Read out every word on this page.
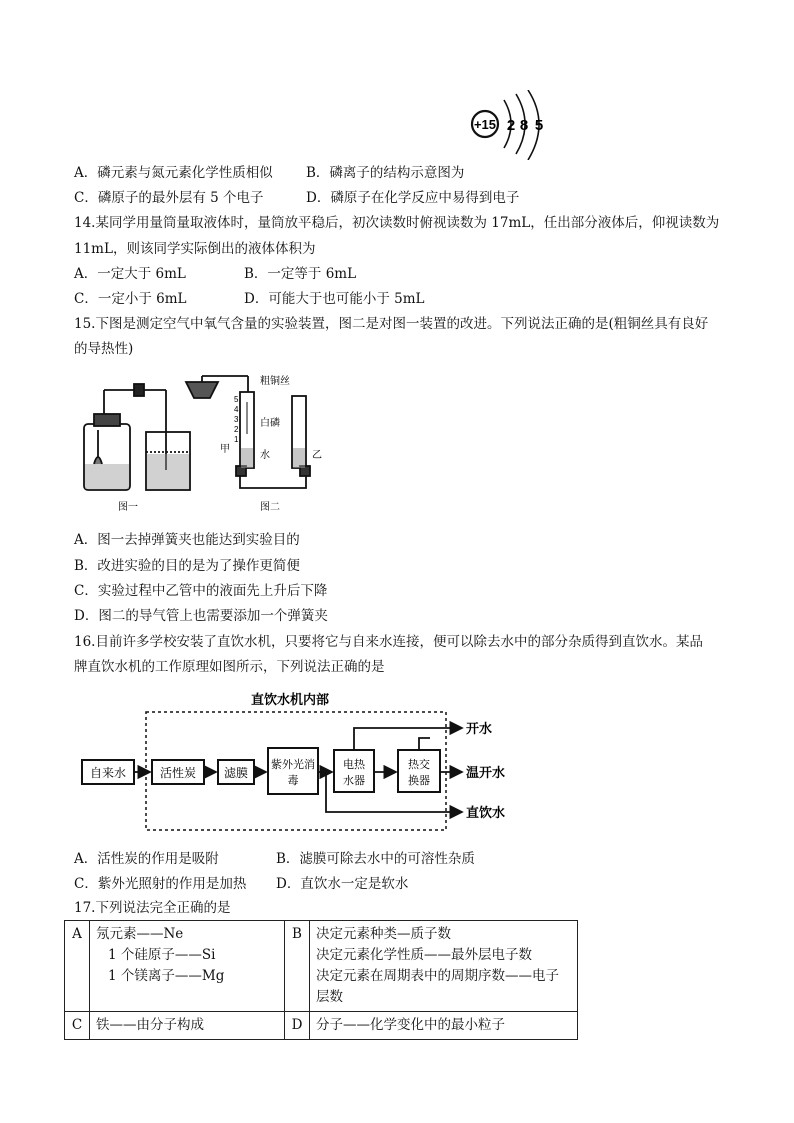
+15 2 8 5
A．磷元素与氮元素化学性质相似 B．磷离子的结构示意图为
C．磷原子的最外层有 5 个电子	D．磷原子在化学反应中易得到电子
14.某同学用量筒量取液体时，量筒放平稳后，初次读数时俯视读数为 17mL，任出部分液体后，仰视读数为
11mL，则该同学实际倒出的液体体积为
A．一定大于 6mL	B．一定等于 6mL
C．一定小于 6mL	D．可能大于也可能小于 5mL
15.下图是测定空气中氧气含量的实验装置，图二是对图一装置的改进。下列说法正确的是(粗铜丝具有良好
的导热性)
5
4
3
2
1
粗铜丝
白磷
水
甲
乙
图一	图二
A．图一去掉弹簧夹也能达到实验目的
B．改进实验的目的是为了操作更简便
C．实验过程中乙管中的液面先上升后下降
D．图二的导气管上也需要添加一个弹簧夹
16.目前许多学校安装了直饮水机，只要将它与自来水连接，便可以除去水中的部分杂质得到直饮水。某品
牌直饮水机的工作原理如图所示，下列说法正确的是
直饮水机内部
自来水	活性炭 滤膜
紫外光消
毒
电热
水器
热交
换器
开水
温开水
直饮水
A．活性炭的作用是吸附	B．滤膜可除去水中的可溶性杂质
C．紫外光照射的作用是加热 D．直饮水一定是软水
17.下列说法完全正确的是
A	氖元素——Ne
1 个硅原子——Si
1 个镁离子——Mg	B	决定元素种类—质子数
决定元素化学性质——最外层电子数
决定元素在周期表中的周期序数——电子层数

C	铁——由分子构成	D	分子——化学变化中的最小粒子
